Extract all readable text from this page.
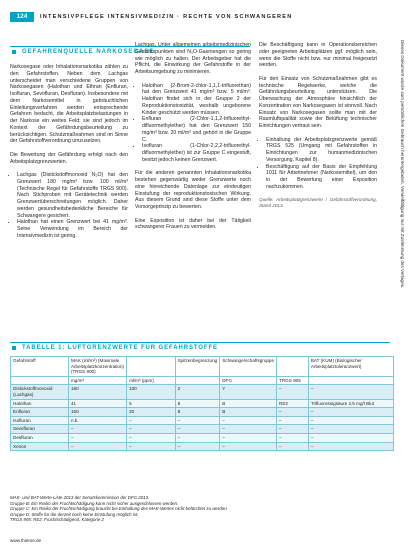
124	INTENSIVPFLEGE INTENSIVMEDIZIN · RECHTE VON SCHWANGEREN
GEFAHRENQUELLE NARKOSEGASE

Narkosegase oder Inhalationsnarkotika zählen zu den Gefahrstoffen. Neben dem Lachgas unterscheidet man verschiedene Gruppen von Narkosegasen (Halothan und Ethran (Enfluran, Isofluran, Sevofluran, Desfluran). Insbesondere mit dem Narkosemittel in gebräuchlichen Einleitungsverfahren werden entsprechende Gefahren bedacht, die Arbeitsplatzbelastungen in der Narkose ein weites Feld; sie sind jedoch im Kontext der Gefährdungsbeurteilung zu berücksichtigen. Schutzmaßnahmen sind im Sinne der Gefahrstoffverordnung umzusetzen.

Die Bewertung der Gefährdung erfolgt nach den Arbeitsplatzgrenzwerten.

• Lachgas (Distickstoffmonoxid N₂O) hat den Grenzwert 180 mg/m³ bzw. 100 ml/m³ (Technische Regel für Gefahrstoffe TRGS 900). Nach Stichproben mit Gerätetechnik werden Grenzwertüberschreitungen möglich. Daher werden gesundheitsbedenkliche Bereiche für Schwangere gesichert.
• Halothan hat einen Grenzwert bei 41 mg/m³. Seine Verwendung im Bereich der Intensivmedizin ist gering.

Lachgas, Unter allgemeinen arbeitsmedizinischen Gesichtspunkten sind N₂O-Gasmengen so gering wie möglich zu halten. Der Arbeitsgeber hat die Pflicht, die Einwirkung der Gefahrstoffe in der Arbeitsumgebung zu minimieren.

• Halothan (2-Brom-2-chlor-1,1,1-trifluorethan) hat den Grenzwert 41 mg/m³ bzw. 5 ml/m³. Halothan findet sich in der Gruppe 2 der Reproduktionstoxizität, weshalb ungeborene Kinder geschützt werden müssen.
• Enfluran (2-Chlor-1,1,2-trifluorethyl-difluormethylether) hat den Grenzwert 150 mg/m³ bzw. 20 ml/m³ und gehört in die Gruppe C.
• Isofluran (1-Chlor-2,2,2-trifluorethyl-difluormethylether) ist zur Gruppe C eingestuft, besitzt jedoch keinen Grenzwert.

Für die anderen genannten Inhalationsnarkotika bestehen gegenwärtig weder Grenzwerte noch eine hinreichende Datenlage zur eindeutigen Einstufung der reproduktionstoxischen Wirkung. Aus diesem Grund sind diese Stoffe unter dem Vorsorgeprinzip zu bewerten.

Eine Exposition ist daher bei der Tätigkeit schwangerer Frauen zu vermeiden.

Die Beschäftigung kann in Operationsbereichen oder geeigneten Arbeitsplätzen ggf. möglich sein, wenn die Stoffe nicht bzw. nur minimal freigesetzt werden.

Für den Einsatz von Schutzmaßnahmen gibt es technische Regelwerke, welche die Gefährdungsbeurteilung unterstützen. Die Überwachung der Atmosphäre hinsichtlich der Konzentration von Narkosegasen ist sinnvoll. Nach Einsatz von Narkosegasen sollte man mit der Raumluftqualität sowie der Belüftung technischer Einrichtungen vertraut sein.

• Einhaltung der Arbeitsplatzgrenzwerte gemäß TRGS 525 (Umgang mit Gefahrstoffen in Einrichtungen zur humanmedizinischen Versorgung, Kapitel 8).
• Beschäftigung auf der Basis der Empfehlung 1011 für Arbeitnehmer (Narkosemittel), um den in der Bewertung einer Exposition nachzukommen.
Quelle: Arbeitsplatzgrenzwerte / Gefahrstoffverordnung, Stand 2013.	Dieses Dokument wurde zum persönlichen Gebrauch heruntergeladen. Vervielfältigung nur mit Zustimmung des Verlages.
TABELLE 1: LUFTGRENZWERTE FÜR GEFAHRSTOFFE
Gefahrstoff	MAK (ml/m³) (Maximale Arbeitsplatzkonzentration) (TRGS 900)		Spitzenbegrenzung	Schwangerschaftsgruppe		BAT (KUM) (Biologischer Arbeitsplatztoleranzwert)
	mg/m³	ml/m³ (ppm)		DFG	TRGS 905	
Distickstoffmonoxid (Lachgas)	180	100	2	Y	–	–
Halothan	41	5	8	B	RE2	Trifluoressigsäure 2,5 mg/l Blut
Enfluran	150	20	8	B	–	–
Isofluran	n.b.	–	–	–	–	–
Sevofluran	–	–	–	–	–	–
Desfluran	–	–	–	–	–	–
Xenon	–	–	–	–	–	–
MAK- und BAT-Werte-Liste 2013 der Senatskommission der DFG 2013.
Gruppe B: Ein Risiko der Fruchtschädigung kann nicht sicher ausgeschlossen werden.
Gruppe C: Ein Risiko der Fruchtschädigung braucht bei Einhaltung des MAK-Wertes nicht befürchtet zu werden.
Gruppe D: Stoffe für die derzeit noch keine Einstufung möglich ist.
TRGS 905: RE2: Fruchtschädigend, Kategorie 2
www.thieme.de
